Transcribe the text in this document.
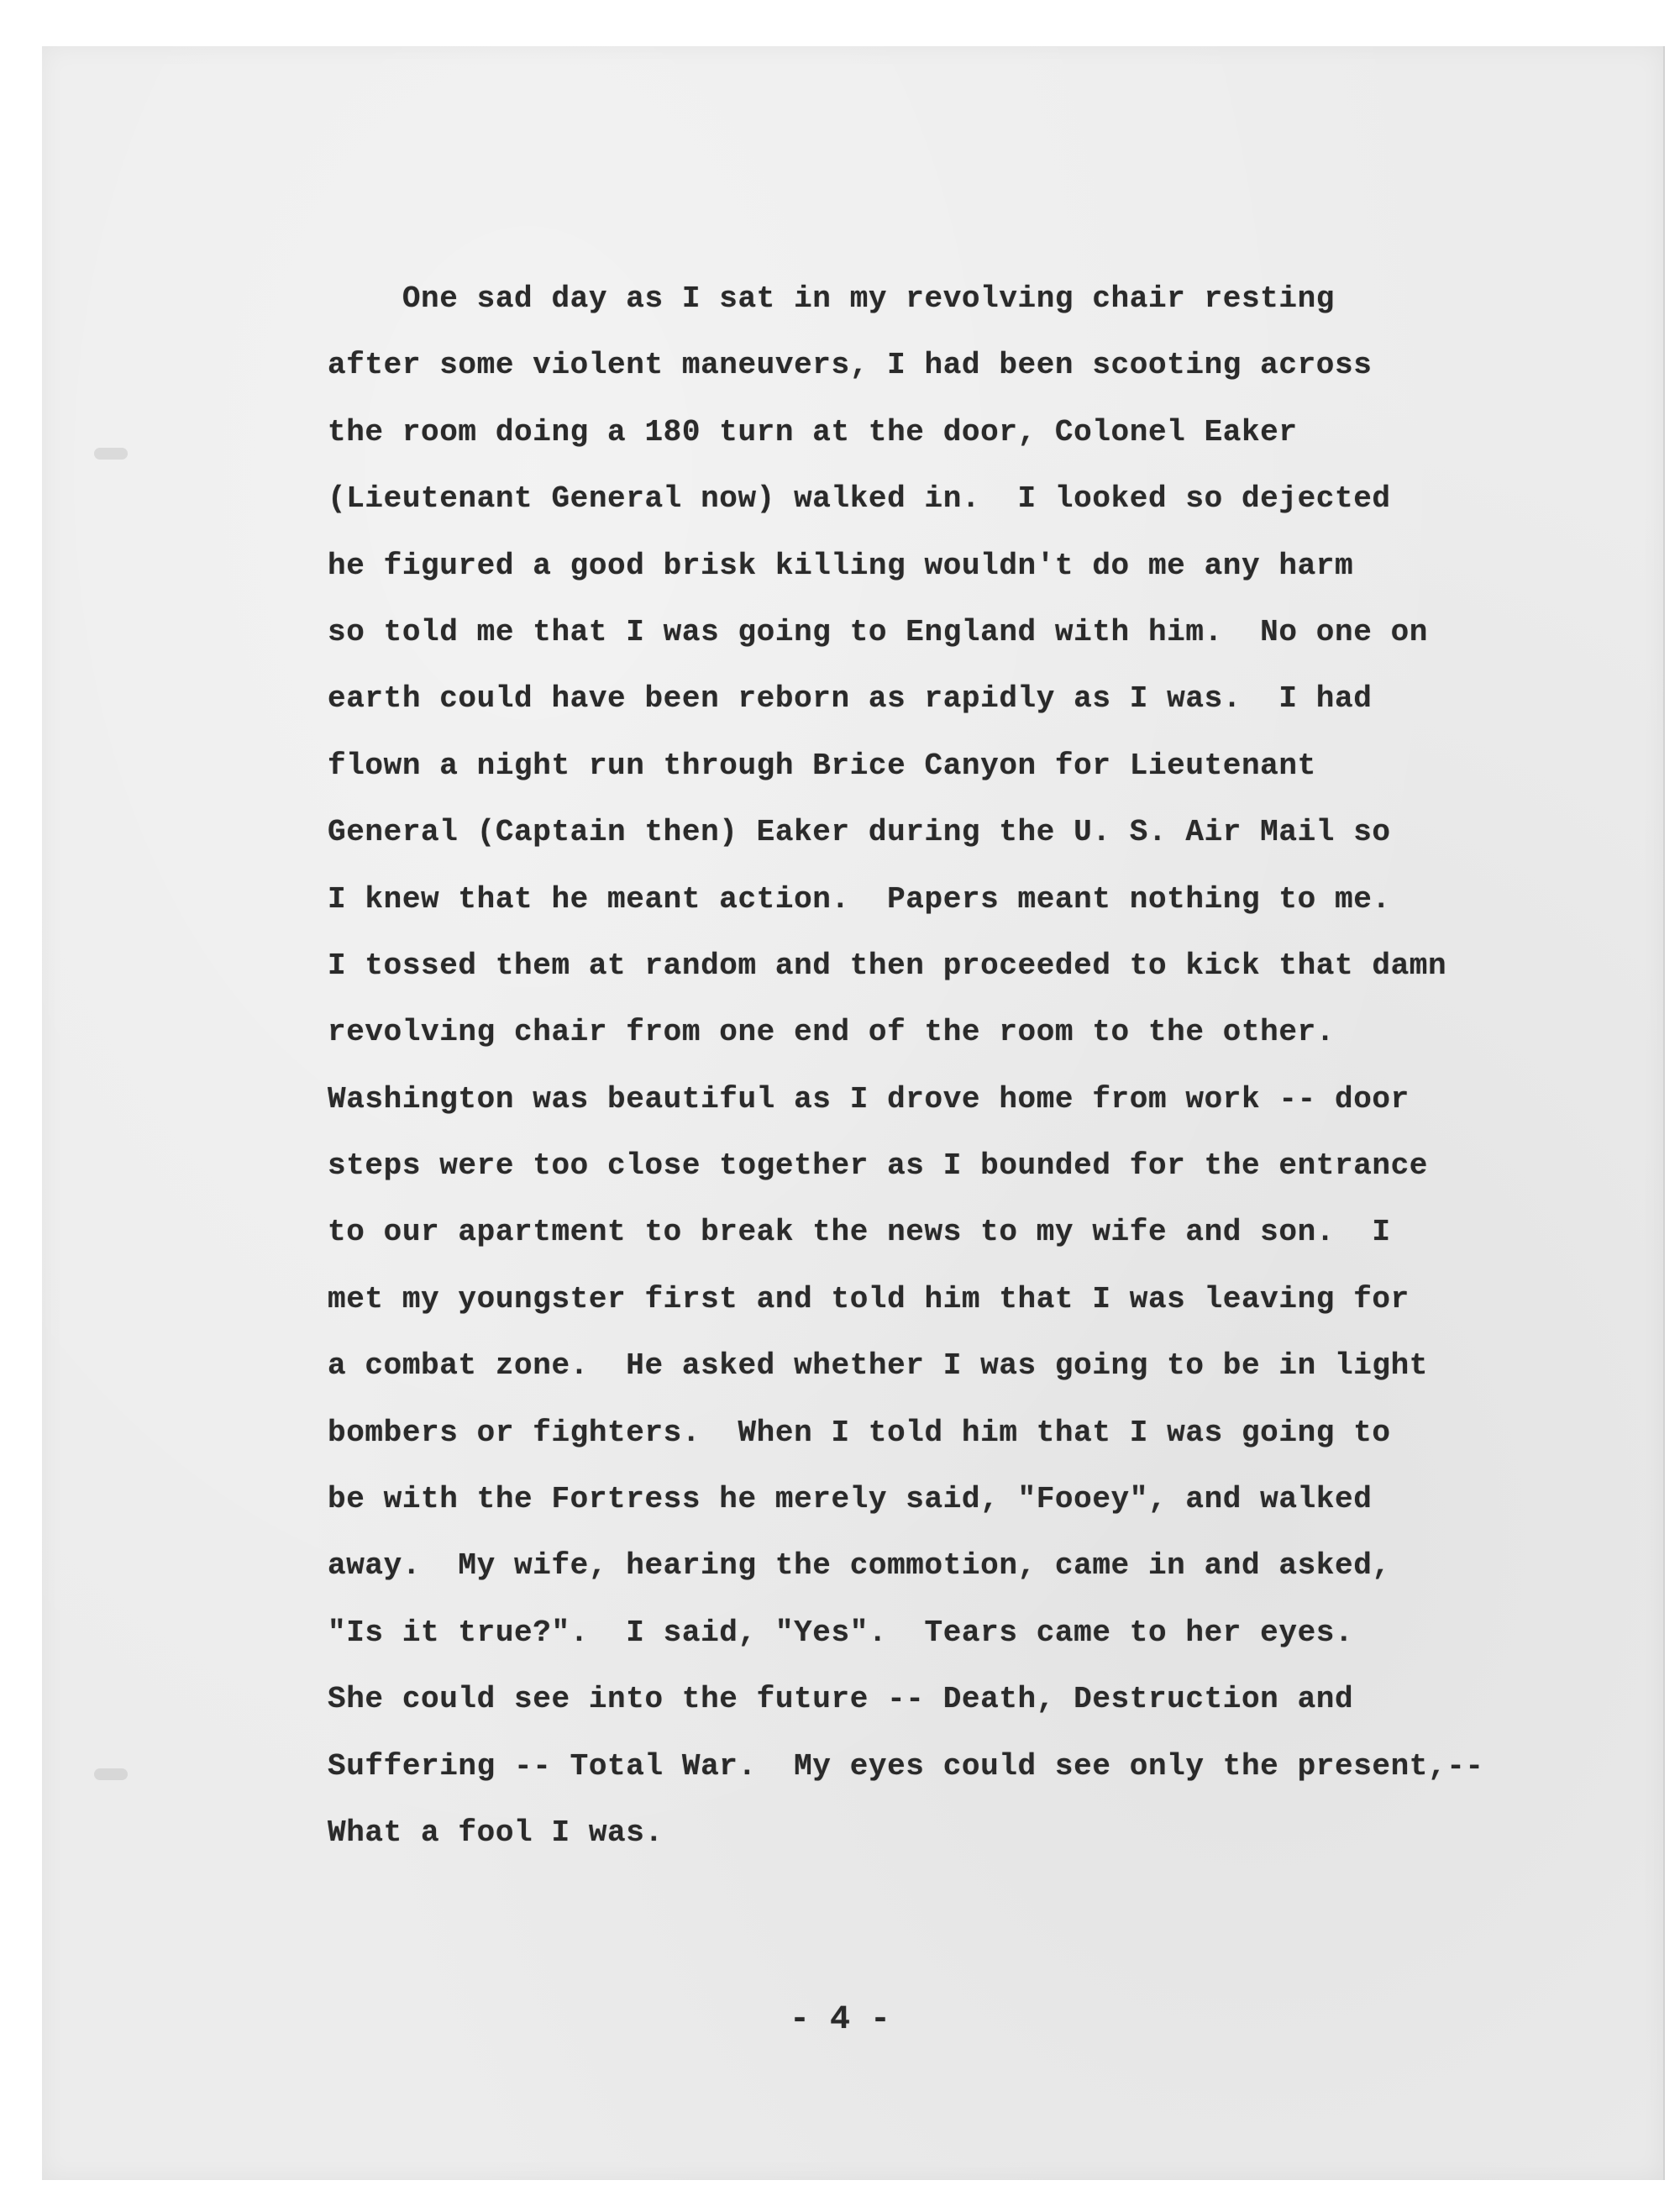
One sad day as I sat in my revolving chair resting
after some violent maneuvers, I had been scooting across
the room doing a 180 turn at the door, Colonel Eaker
(Lieutenant General now) walked in.  I looked so dejected
he figured a good brisk killing wouldn't do me any harm
so told me that I was going to England with him.  No one on
earth could have been reborn as rapidly as I was.  I had
flown a night run through Brice Canyon for Lieutenant
General (Captain then) Eaker during the U. S. Air Mail so
I knew that he meant action.  Papers meant nothing to me.
I tossed them at random and then proceeded to kick that damn
revolving chair from one end of the room to the other.
Washington was beautiful as I drove home from work -- door
steps were too close together as I bounded for the entrance
to our apartment to break the news to my wife and son.  I
met my youngster first and told him that I was leaving for
a combat zone.  He asked whether I was going to be in light
bombers or fighters.  When I told him that I was going to
be with the Fortress he merely said, "Fooey", and walked
away.  My wife, hearing the commotion, came in and asked,
"Is it true?".  I said, "Yes".  Tears came to her eyes.
She could see into the future -- Death, Destruction and
Suffering -- Total War.  My eyes could see only the present,--
What a fool I was.
- 4 -
